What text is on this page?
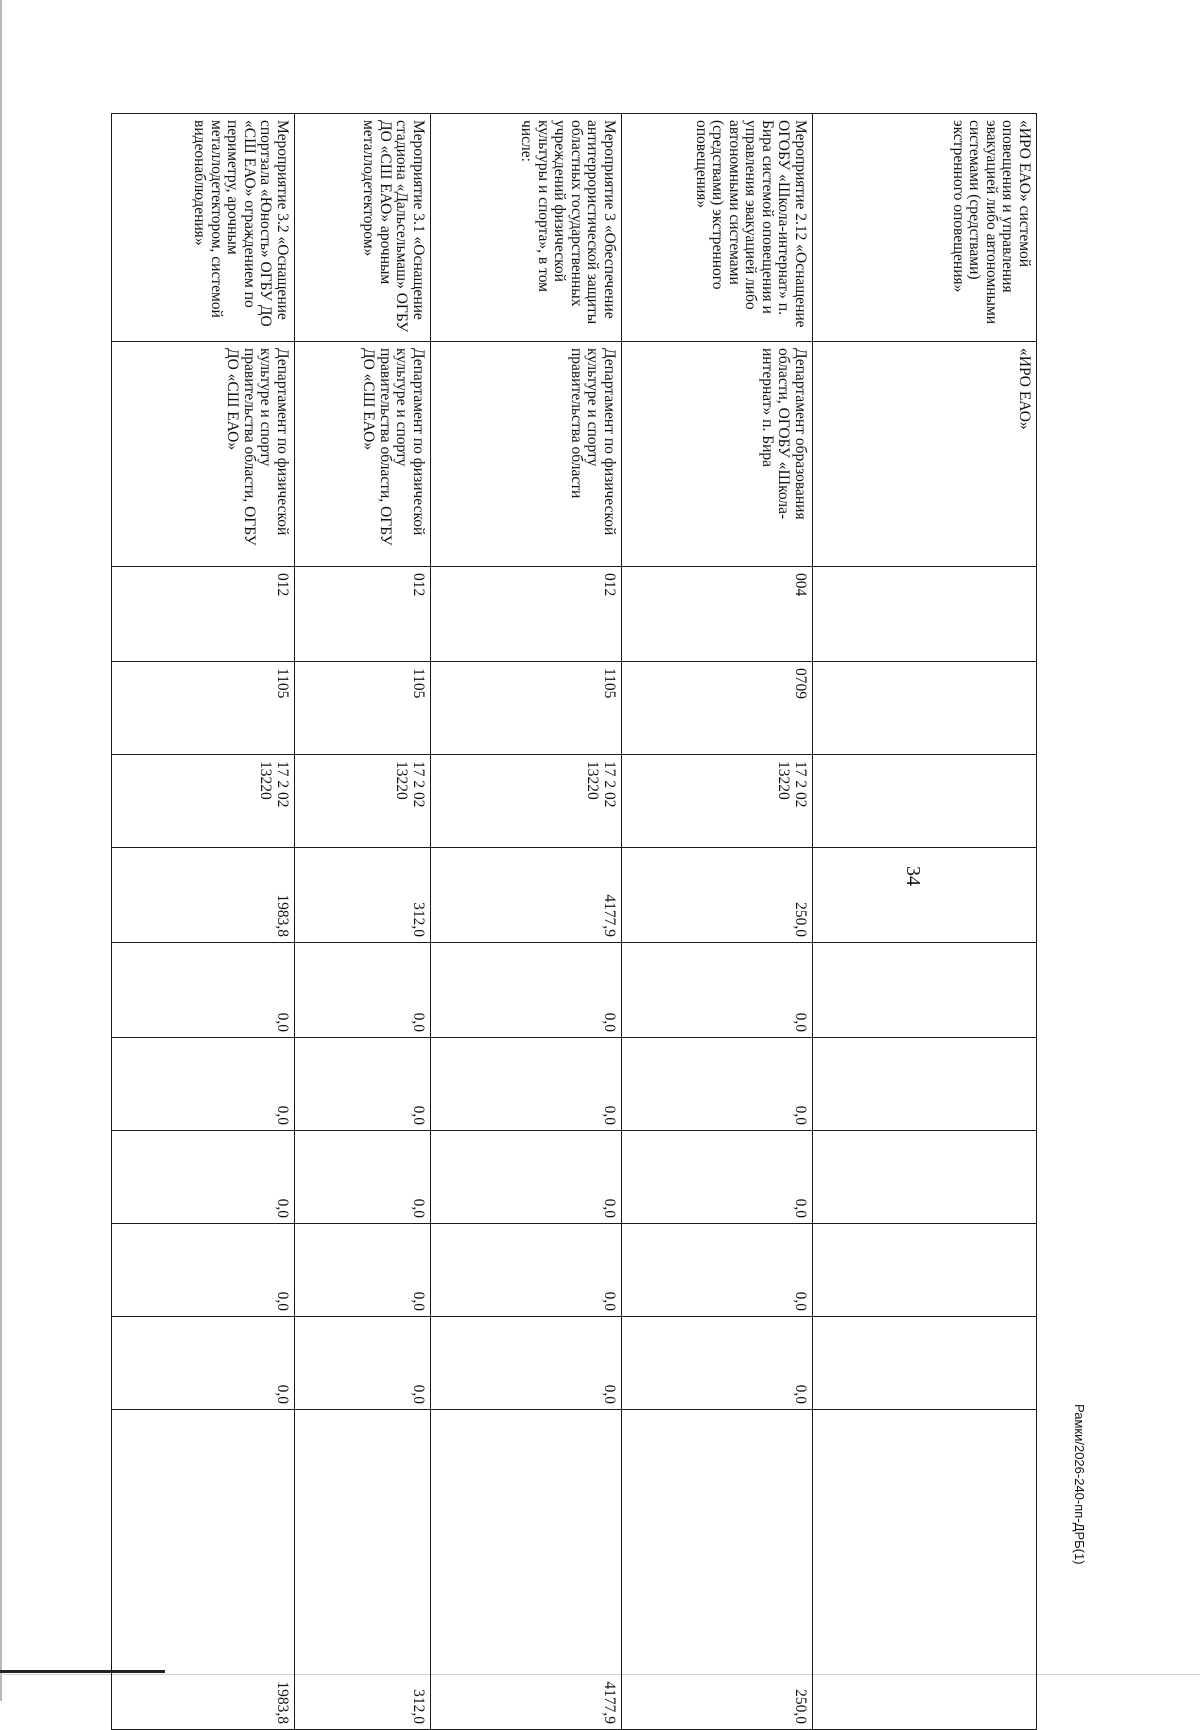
34
Рамки/2026-240-пп-ДРБ(1)
«ИРО ЕАО» системой оповещения и управления эвакуацией либо автономными системами (средствами) экстренного оповещения»	«ИРО ЕАО»										
Мероприятие 2.12 «Оснащение ОГОБУ «Школа-интернат» п. Бира системой оповещения и управления эвакуацией либо автономными системами (средствами) экстренного оповещения»	Департамент образования области, ОГОБУ «Школа-интернат» п. Бира	004	0709	17 2 02 13220	250,0	0,0	0,0	0,0	0,0	0,0	250,0
Мероприятие 3 «Обеспечение антитеррористической защиты областных государственных учреждений физической культуры и спорта», в том числе:	Департамент по физической культуре и спорту правительства области	012	1105	17 2 02 13220	4177,9	0,0	0,0	0,0	0,0	0,0	4177,9
Мероприятие 3.1 «Оснащение стадиона «Дальсельмаш» ОГБУ ДО «СШ ЕАО» арочным металлодетектором»	Департамент по физической культуре и спорту правительства области, ОГБУ ДО «СШ ЕАО»	012	1105	17 2 02 13220	312,0	0,0	0,0	0,0	0,0	0,0	312,0
Мероприятие 3.2 «Оснащение спортзала «Юность» ОГБУ ДО «СШ ЕАО» ограждением по периметру, арочным металлодетектором, системой видеонаблюдения»	Департамент по физической культуре и спорту правительства области, ОГБУ ДО «СШ ЕАО»	012	1105	17 2 02 13220	1983,8	0,0	0,0	0,0	0,0	0,0	1983,8
